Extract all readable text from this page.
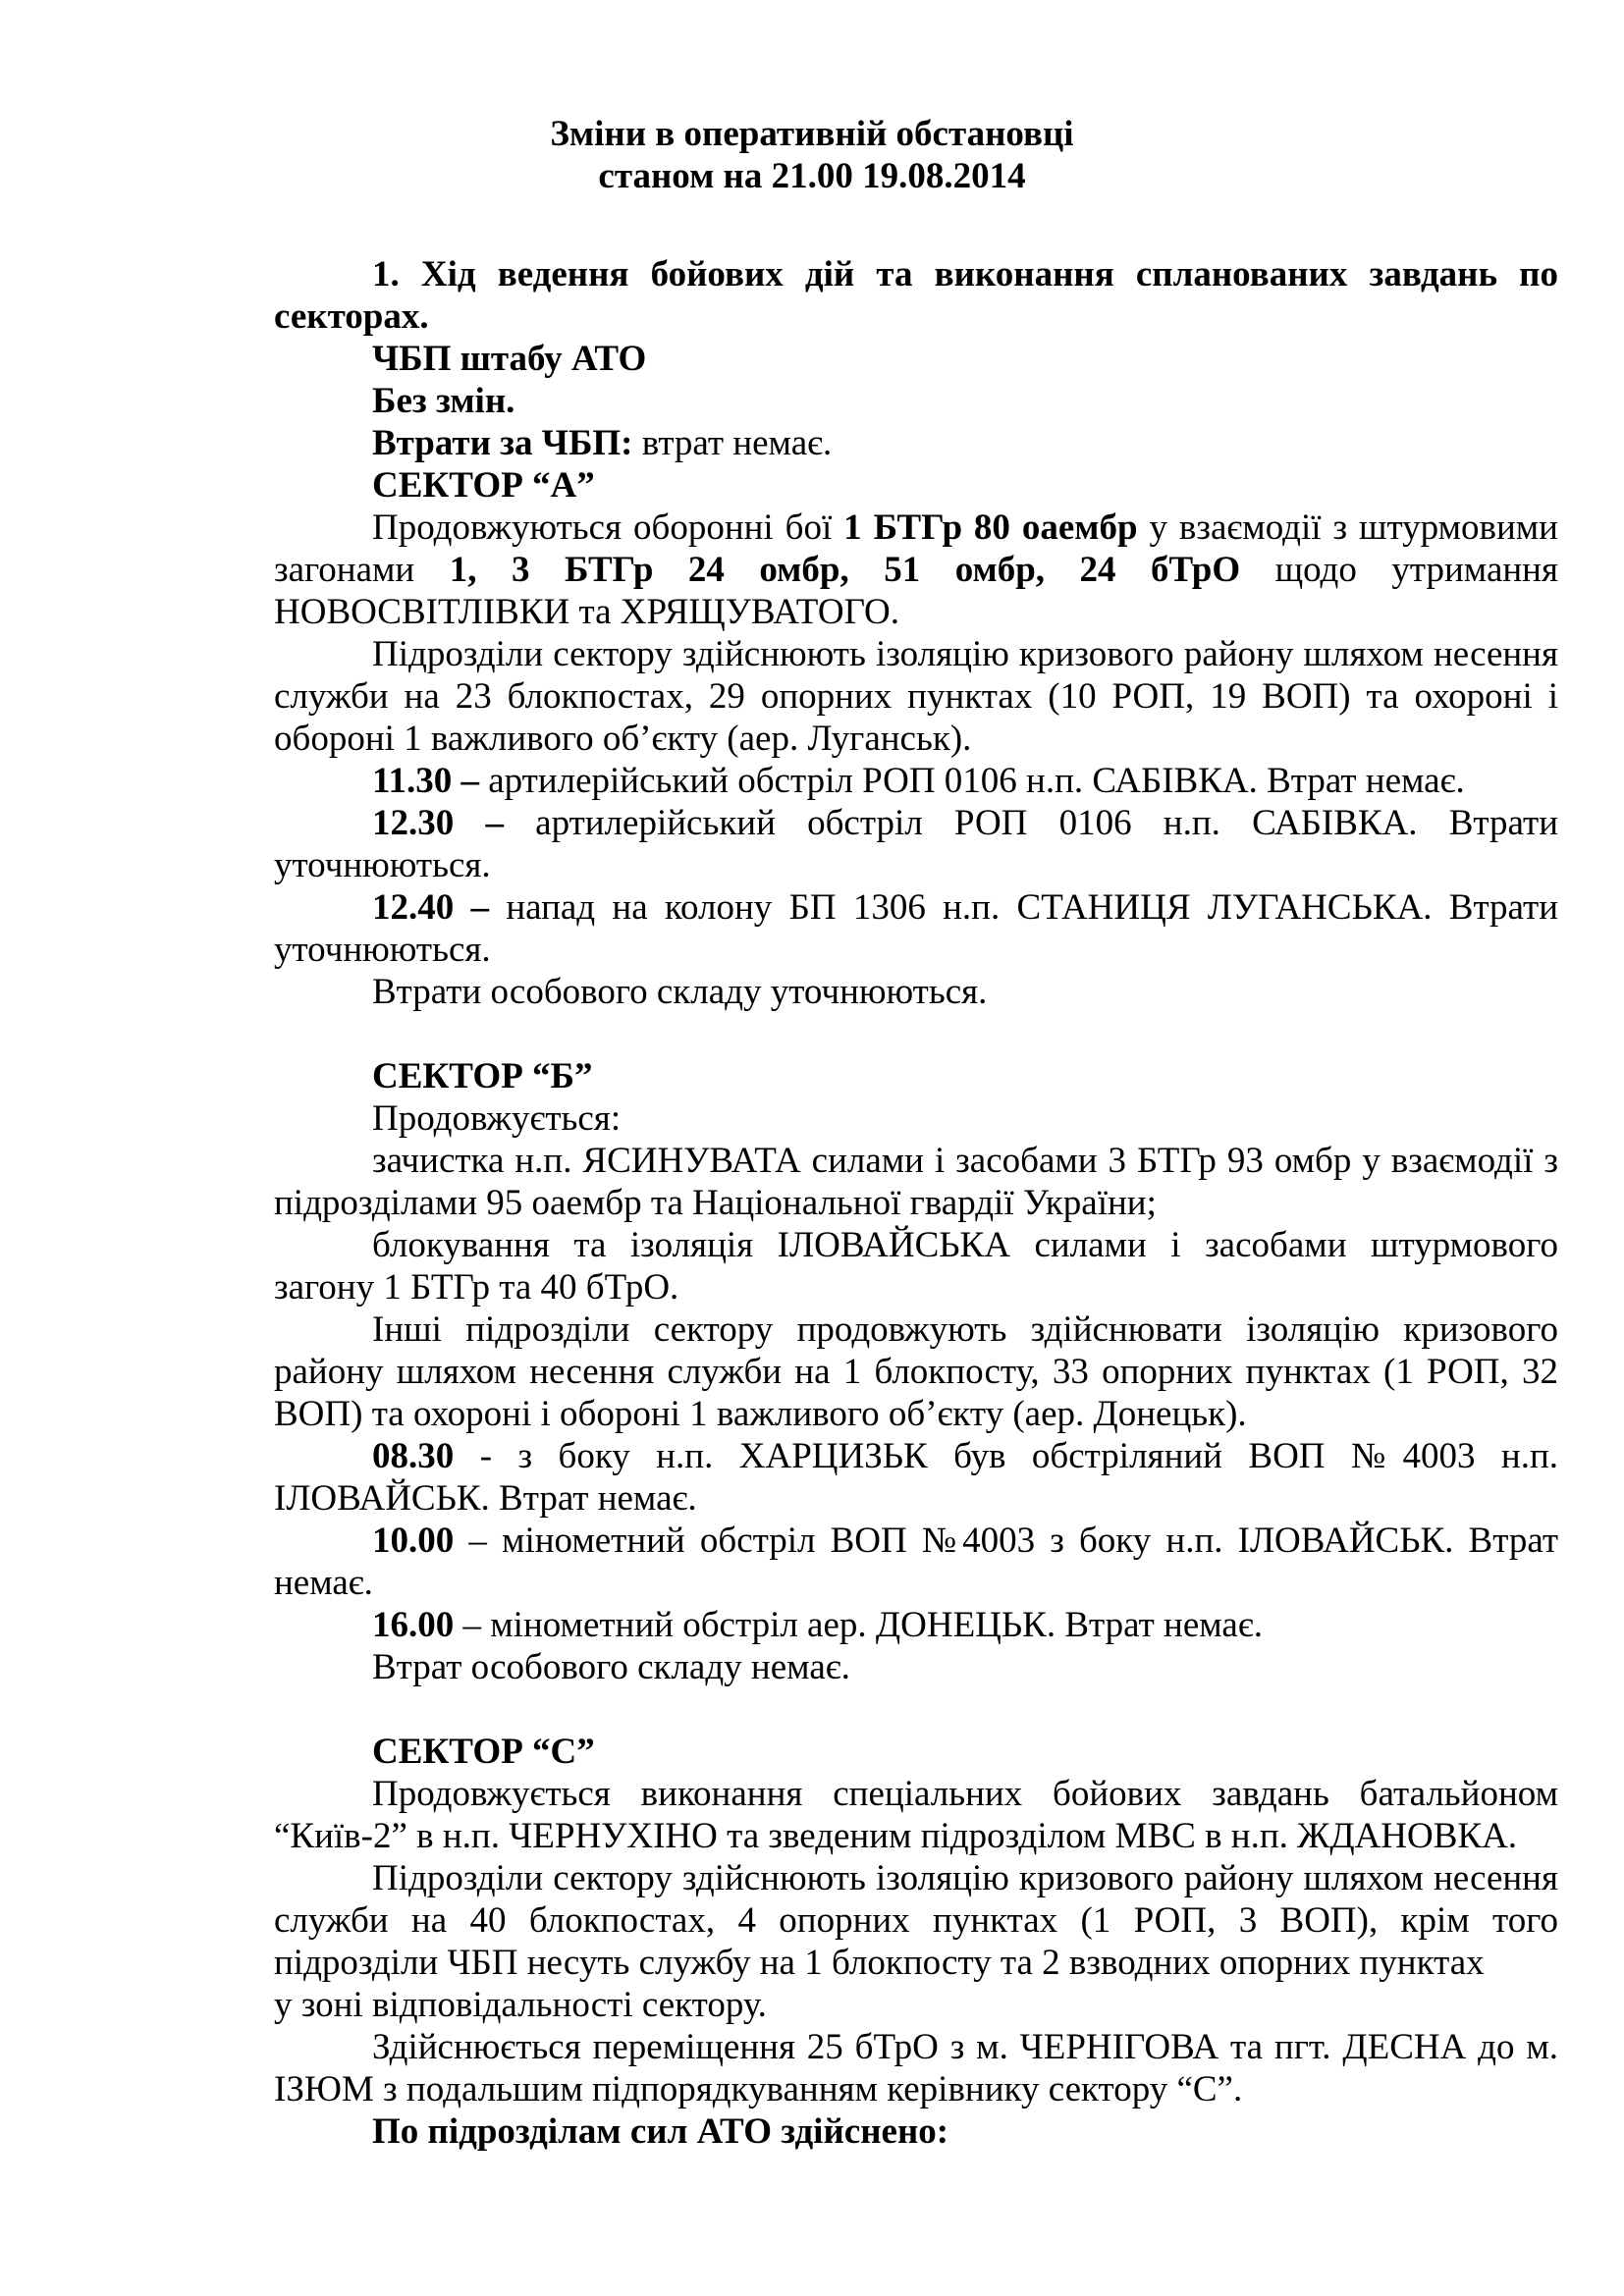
Зміни в оперативній обстановці
станом на 21.00 19.08.2014

1. Хід ведення бойових дій та виконання спланованих завдань по секторах.

ЧБП штабу АТО

Без змін.

Втрати за ЧБП: втрат немає.

СЕКТОР “А”

Продовжуються оборонні бої 1 БТГр 80 оаембр у взаємодії з штурмовими загонами 1, 3 БТГр 24 омбр, 51 омбр, 24 бТрО щодо утримання НОВОСВІТЛІВКИ та ХРЯЩУВАТОГО.

Підрозділи сектору здійснюють ізоляцію кризового району шляхом несення служби на 23 блокпостах, 29 опорних пунктах (10 РОП, 19 ВОП) та охороні і обороні 1 важливого об’єкту (аер. Луганськ).

11.30 – артилерійський обстріл РОП 0106 н.п. САБІВКА. Втрат немає.

12.30 – артилерійський обстріл РОП 0106 н.п. САБІВКА. Втрати уточнюються.

12.40 – напад на колону БП 1306 н.п. СТАНИЦЯ ЛУГАНСЬКА. Втрати уточнюються.

Втрати особового складу уточнюються.

СЕКТОР “Б”

Продовжується:

зачистка н.п. ЯСИНУВАТА силами і засобами 3 БТГр 93 омбр у взаємодії з підрозділами 95 оаембр та Національної гвардії України;

блокування та ізоляція ІЛОВАЙСЬКА силами і засобами штурмового загону 1 БТГр та 40 бТрО.

Інші підрозділи сектору продовжують здійснювати ізоляцію кризового району шляхом несення служби на 1 блокпосту, 33 опорних пунктах (1 РОП, 32 ВОП) та охороні і обороні 1 важливого об’єкту (аер. Донецьк).

08.30 - з боку н.п. ХАРЦИЗЬК був обстріляний ВОП №4003 н.п. ІЛОВАЙСЬК. Втрат немає.

10.00 – мінометний обстріл ВОП №4003 з боку н.п. ІЛОВАЙСЬК. Втрат немає.

16.00 – мінометний обстріл аер. ДОНЕЦЬК. Втрат немає.

Втрат особового складу немає.

СЕКТОР “С”

Продовжується виконання спеціальних бойових завдань батальйоном “Київ-2” в н.п. ЧЕРНУХІНО та зведеним підрозділом МВС в н.п. ЖДАНОВКА.

Підрозділи сектору здійснюють ізоляцію кризового району шляхом несення служби на 40 блокпостах, 4 опорних пунктах (1 РОП, 3 ВОП), крім того підрозділи ЧБП несуть службу на 1 блокпосту та 2 взводних опорних пунктах

у зоні відповідальності сектору.

Здійснюється переміщення 25 бТрО з м. ЧЕРНІГОВА та пгт. ДЕСНА до м. ІЗЮМ з подальшим підпорядкуванням керівнику сектору “С”.

По підрозділам сил АТО здійснено:
